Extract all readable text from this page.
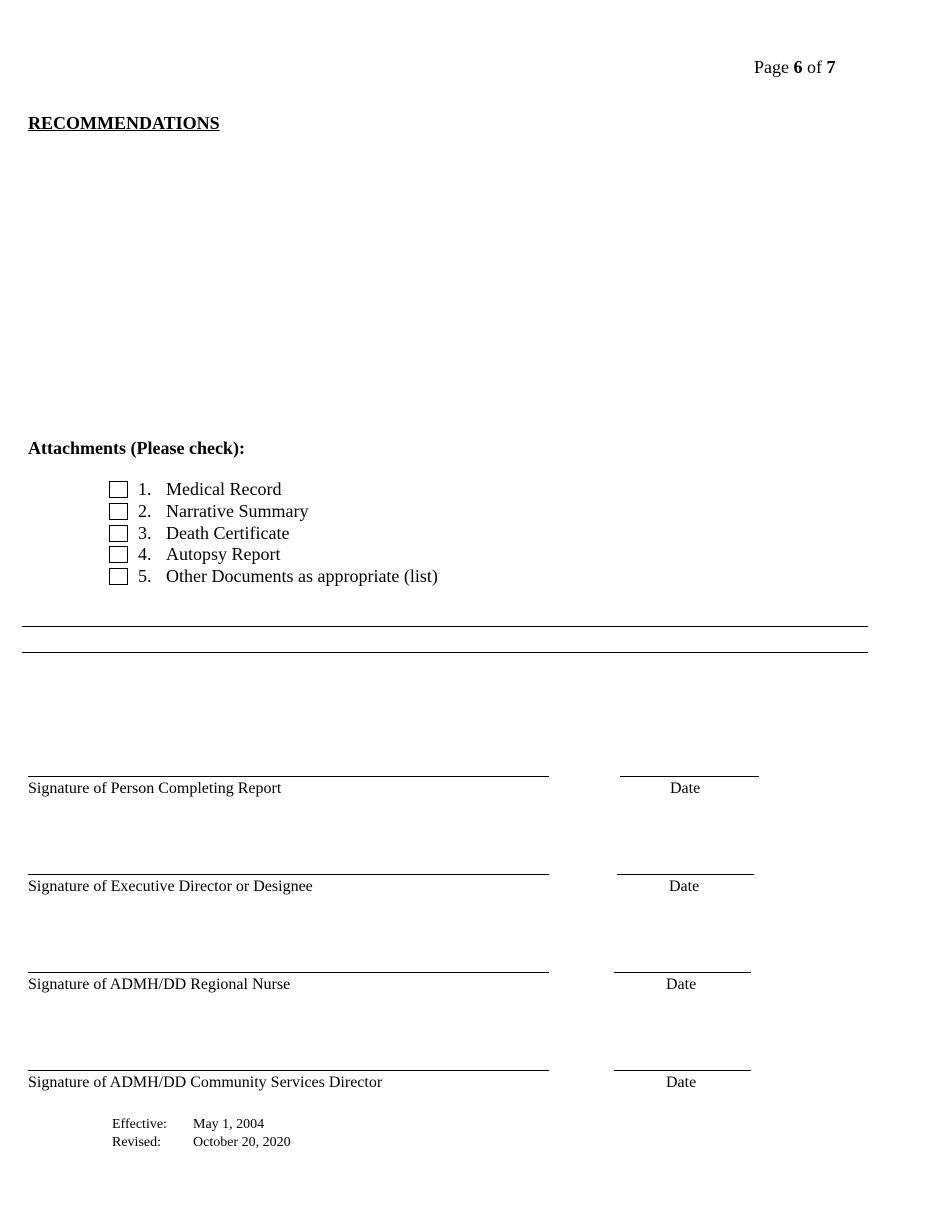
Page 6 of 7
RECOMMENDATIONS
Attachments (Please check):
1. Medical Record
2. Narrative Summary
3. Death Certificate
4. Autopsy Report
5. Other Documents as appropriate (list)
Signature of Person Completing Report	Date
Signature of Executive Director or Designee	Date
Signature of ADMH/DD Regional Nurse	Date
Signature of ADMH/DD Community Services Director	Date
Effective: May 1, 2004
Revised: October 20, 2020
